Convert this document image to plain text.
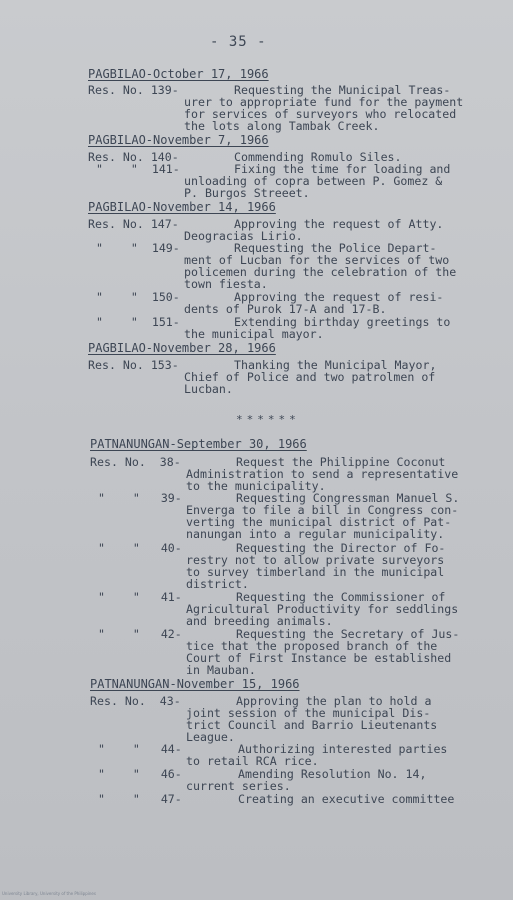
- 35 -
PAGBILAO-October 17, 1966
Res. No. 139-	Requesting the Municipal Treas-
urer to appropriate fund for the payment
for services of surveyors who relocated
the lots along Tambak Creek.
PAGBILAO-November 7, 1966
Res. No. 140-	Commending Romulo Siles.
"    "  141-	Fixing the time for loading and
unloading of copra between P. Gomez &
P. Burgos Streeet.
PAGBILAO-November 14, 1966
Res. No. 147-	Approving the request of Atty.
Deogracias Lirio.
"    "  149-	Requesting the Police Depart-
ment of Lucban for the services of two
policemen during the celebration of the
town fiesta.
"    "  150-	Approving the request of resi-
dents of Purok 17-A and 17-B.
"    "  151-	Extending birthday greetings to
the municipal mayor.
PAGBILAO-November 28, 1966
Res. No. 153-	Thanking the Municipal Mayor,
Chief of Police and two patrolmen of
Lucban.
******
PATNANUNGAN-September 30, 1966
Res. No.  38-	Request the Philippine Coconut
Administration to send a representative
to the municipality.
"    "   39-	Requesting Congressman Manuel S.
Enverga to file a bill in Congress con-
verting the municipal district of Pat-
nanungan into a regular municipality.
"    "   40-	Requesting the Director of Fo-
restry not to allow private surveyors
to survey timberland in the municipal
district.
"    "   41-	Requesting the Commissioner of
Agricultural Productivity for seddlings
and breeding animals.
"    "   42-	Requesting the Secretary of Jus-
tice that the proposed branch of the
Court of First Instance be established
in Mauban.
PATNANUNGAN-November 15, 1966
Res. No.  43-	Approving the plan to hold a
joint session of the municipal Dis-
trict Council and Barrio Lieutenants
League.
"    "   44-	Authorizing interested parties
to retail RCA rice.
"    "   46-	Amending Resolution No. 14,
current series.
"    "   47-	Creating an executive committee
University Library, University of the Philippines
